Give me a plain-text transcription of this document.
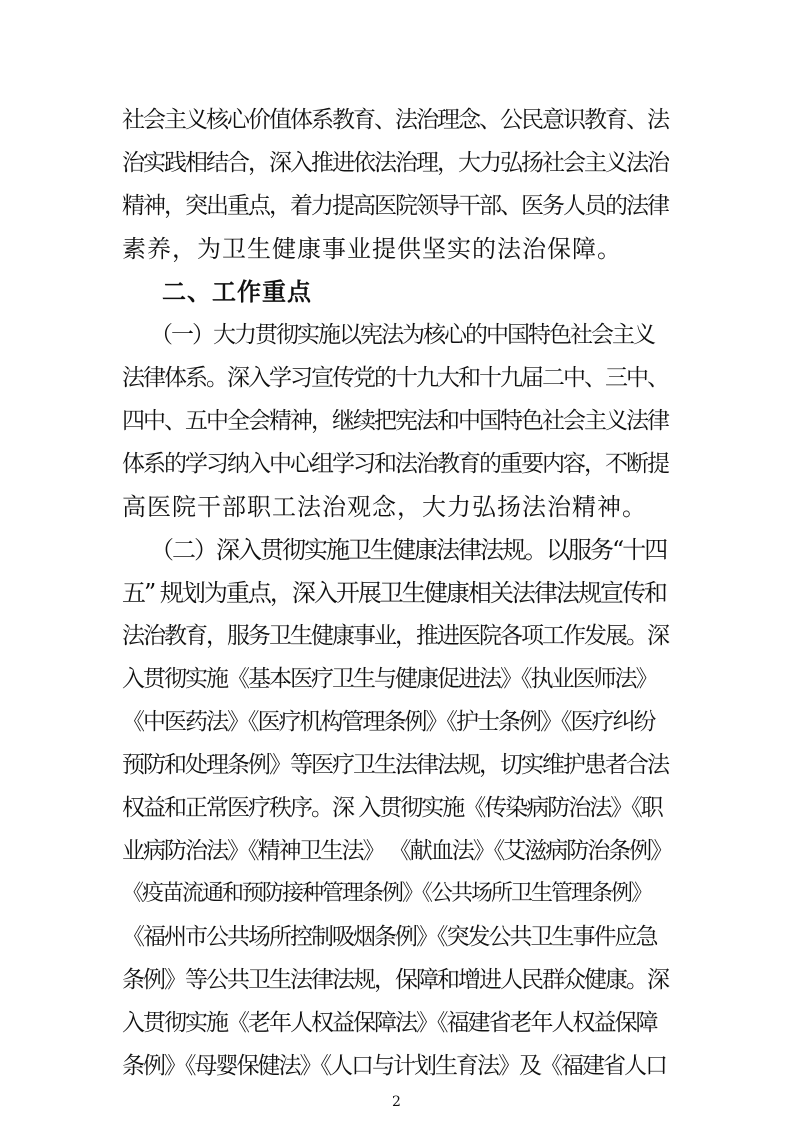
社会主义核心价值体系教育、法治理念、公民意识教育、法
治实践相结合，深入推进依法治理，大力弘扬社会主义法治
精神，突出重点，着力提高医院领导干部、医务人员的法律
素养，为卫生健康事业提供坚实的法治保障。
二、工作重点
（一）大力贯彻实施以宪法为核心的中国特色社会主义
法律体系。深入学习宣传党的十九大和十九届二中、三中、
四中、五中全会精神，继续把宪法和中国特色社会主义法律
体系的学习纳入中心组学习和法治教育的重要内容，不断提
高医院干部职工法治观念，大力弘扬法治精神。
（二）深入贯彻实施卫生健康法律法规。以服务“十四
五” 规划为重点，深入开展卫生健康相关法律法规宣传和
法治教育，服务卫生健康事业，推进医院各项工作发展。深
入贯彻实施《基本医疗卫生与健康促进法》《执业医师法》
《中医药法》《医疗机构管理条例》《护士条例》《医疗纠纷
预防和处理条例》等医疗卫生法律法规，切实维护患者合法
权益和正常医疗秩序。深 入贯彻实施《传染病防治法》《职
业病防治法》《精神卫生法》 《献血法》《艾滋病防治条例》
《疫苗流通和预防接种管理条例》《公共场所卫生管理条例》
《福州市公共场所控制吸烟条例》《突发公共卫生事件应急
条例》等公共卫生法律法规，保障和增进人民群众健康。深
入贯彻实施《老年人权益保障法》《福建省老年人权益保障
条例》《母婴保健法》《人口与计划生育法》及《福建省人口
2
